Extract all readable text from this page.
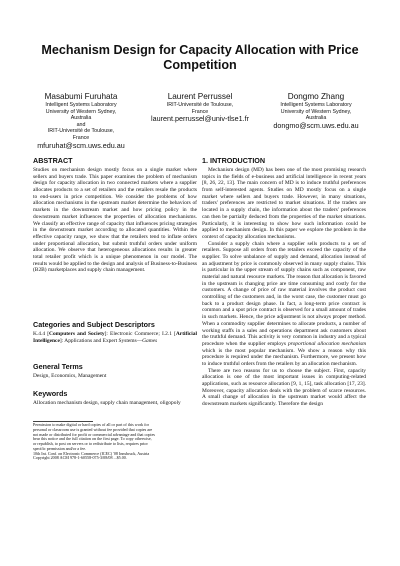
Mechanism Design for Capacity Allocation with Price Competition
Masabumi Furuhata
Intelligent Systems Laboratory
University of Western Sydney,
Australia
and
IRIT-Université de Toulouse,
France
mfuruhat@scm.uws.edu.au
Laurent Perrussel
IRIT-Université de Toulouse,
France
laurent.perrussel@univ-tlse1.fr
Dongmo Zhang
Intelligent Systems Laboratory
University of Western Sydney,
Australia
dongmo@scm.uws.edu.au
ABSTRACT

Studies on mechanism design mostly focus on a single market where sellers and buyers trade. This paper examines the problem of mechanism design for capacity allocation in two connected markets where a supplier allocates products to a set of retailers and the retailers resale the products to end-users in price competition. We consider the problems of how allocation mechanisms in the upstream market determine the behaviors of markets in the downstream market and how pricing policy in the downstream market influences the properties of allocation mechanisms. We classify an effective range of capacity that influences pricing strategies in the downstream market according to allocated quantities. Within the effective capacity range, we show that the retailers tend to inflate orders under proportional allocation, but submit truthful orders under uniform allocation. We observe that heterogeneous allocations results in greater total retailer profit which is a unique phenomenon in our model. The results would be applied to the design and analysis of Business-to-Business (B2B) marketplaces and supply chain management.

Categories and Subject Descriptors

K.4.4 [Computers and Society]: Electronic Commerce; I.2.1 [Artificial Intelligence]: Applications and Expert Systems—Games

General Terms

Design, Economics, Management

Keywords

Allocation mechanism design, supply chain management, oligopoly

Permission to make digital or hard copies of all or part of this work for personal or classroom use is granted without fee provided that copies are not made or distributed for profit or commercial advantage and that copies bear this notice and the full citation on the first page. To copy otherwise, or republish, to post on servers or to redistribute to lists, requires prior specific permission and/or a fee.
10th Int. Conf. on Electronic Commerce (ICEC) '08 Innsbruck, Austria
Copyright 2008 ACM 978-1-60558-075-3/08/08 ...$5.00.
1. INTRODUCTION

Mechanism design (MD) has been one of the most promising research topics in the fields of e-business and artificial intelligence in recent years [8, 26, 22, 13]. The main concern of MD is to induce truthful preferences from self-interested agents. Studies on MD mostly focus on a single market where sellers and buyers trade. However, in many situations, traders' preferences are restricted to market situations. If the traders are located in a supply chain, the information about the traders' preferences can then be partially deduced from the properties of the market situations. Particularly, it is interesting to show how such information could be applied to mechanism design. In this paper we explore the problem in the context of capacity allocation mechanisms.

Consider a supply chain where a supplier sells products to a set of retailers. Suppose all orders from the retailers exceed the capacity of the supplier. To solve unbalance of supply and demand, allocation instead of an adjustment by price is commonly observed in many supply chains. This is particular in the upper stream of supply chains such as component, raw material and natural resource markets. The reason that allocation is favored in the upstream is changing price are time consuming and costly for the customers. A change of price of raw material involves the product cost controlling of the customers and, in the worst case, the customer must go back to a product design phase. In fact, a long-term price contract is common and a spot price contract is observed for a small amount of trades in such markets. Hence, the price adjustment is not always proper method. When a commodity supplier determines to allocate products, a number of working staffs in a sales and operations department ask customers about the truthful demand. This activity is very common in industry and a typical procedure when the supplier employs proportional allocation mechanism which is the most popular mechanism. We show a reason why this procedure is required under the mechanism. Furthermore, we present how to induce truthful orders from the retailers by an allocation mechanism.

There are two reasons for us to choose the subject. First, capacity allocation is one of the most important issues in computing-related applications, such as resource allocation [9, 1, 15], task allocation [17, 23]. Moreover, capacity allocation deals with the problem of scarce resources. A small change of allocation in the upstream market would affect the downstream markets significantly. Therefore the design
